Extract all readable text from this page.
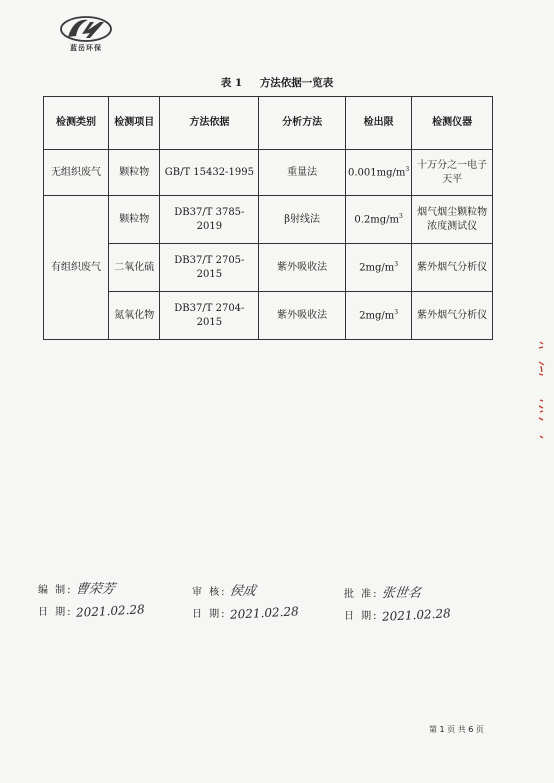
蓝岳环保
表 1 方法依据一览表
检测类别	检测项目	方法依据	分析方法	检出限	检测仪器
无组织废气	颗粒物	GB/T 15432-1995	重量法	$0.001mg/m^3$	十万分之一电子天平
有组织废气	颗粒物	DB37/T 3785-2019	β射线法	$0.2mg/m^3$	烟气烟尘颗粒物浓度测试仪
	二氧化硫	DB37/T 2705-2015	紫外吸收法	$2mg/m^3$	紫外烟气分析仪
	氮氧化物	DB37/T 2704-2015	紫外吸收法	$2mg/m^3$	紫外烟气分析仪
编 制: 曹荣芳
日 期: 2021.02.28
审 核: 侯成
日 期: 2021.02.28
批 准: 张世名
日 期: 2021.02.28
第 1 页 共 6 页
